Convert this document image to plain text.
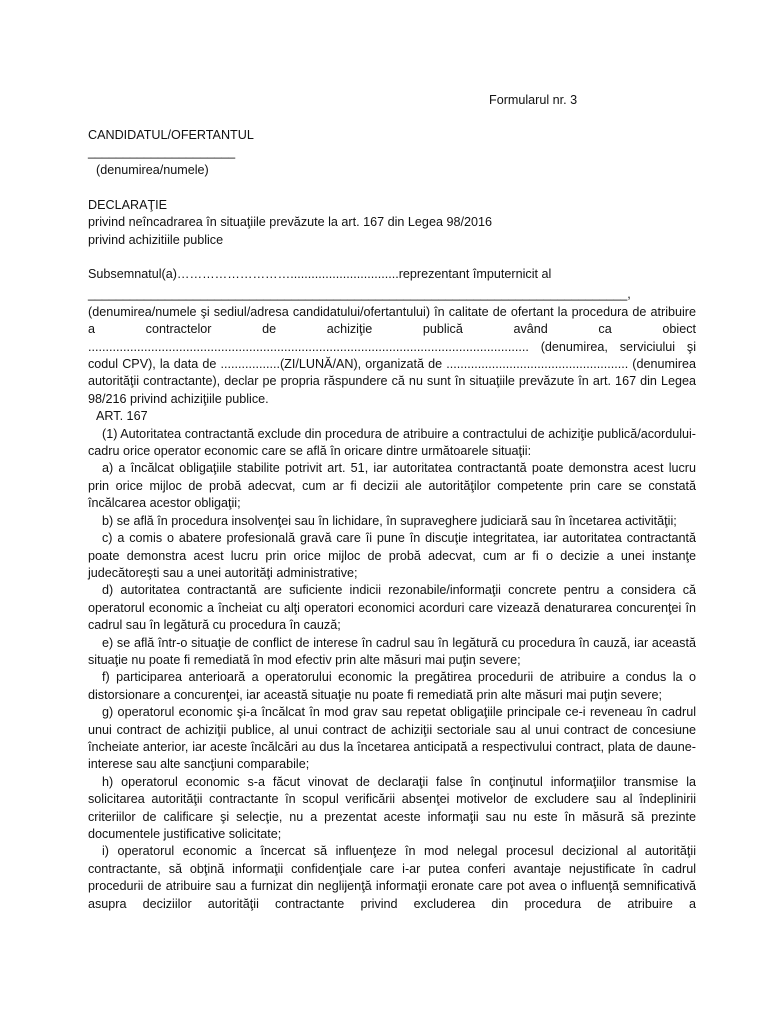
Formularul nr. 3
CANDIDATUL/OFERTANTUL
_____________________
(denumirea/numele)
DECLARAŢIE
privind neîncadrarea în situaţiile prevăzute la art. 167 din Legea 98/2016
privind achizitiile publice

Subsemnatul(a)………………………...............................reprezentant împuternicit al

_____________________________________________________________________________,

(denumirea/numele şi sediul/adresa candidatului/ofertantului) în calitate de ofertant la procedura de atribuire a contractelor de achiziţie publică având ca obiect .............................................................................................................................. (denumirea, serviciului şi codul CPV), la data de .................(ZI/LUNĂ/AN), organizată de .................................................... (denumirea autorităţii contractante), declar pe propria răspundere că nu sunt în situaţiile prevăzute în art. 167 din Legea 98/216 privind achiziţiile publice.

ART. 167

(1) Autoritatea contractantă exclude din procedura de atribuire a contractului de achiziţie publică/acordului-cadru orice operator economic care se află în oricare dintre următoarele situaţii:

a) a încălcat obligaţiile stabilite potrivit art. 51, iar autoritatea contractantă poate demonstra acest lucru prin orice mijloc de probă adecvat, cum ar fi decizii ale autorităţilor competente prin care se constată încălcarea acestor obligaţii;

b) se află în procedura insolvenţei sau în lichidare, în supraveghere judiciară sau în încetarea activităţii;

c) a comis o abatere profesională gravă care îi pune în discuţie integritatea, iar autoritatea contractantă poate demonstra acest lucru prin orice mijloc de probă adecvat, cum ar fi o decizie a unei instanţe judecătoreşti sau a unei autorităţi administrative;

d) autoritatea contractantă are suficiente indicii rezonabile/informaţii concrete pentru a considera că operatorul economic a încheiat cu alţi operatori economici acorduri care vizează denaturarea concurenţei în cadrul sau în legătură cu procedura în cauză;

e) se află într-o situaţie de conflict de interese în cadrul sau în legătură cu procedura în cauză, iar această situaţie nu poate fi remediată în mod efectiv prin alte măsuri mai puţin severe;

f) participarea anterioară a operatorului economic la pregătirea procedurii de atribuire a condus la o distorsionare a concurenţei, iar această situaţie nu poate fi remediată prin alte măsuri mai puţin severe;

g) operatorul economic şi-a încălcat în mod grav sau repetat obligaţiile principale ce-i reveneau în cadrul unui contract de achiziţii publice, al unui contract de achiziţii sectoriale sau al unui contract de concesiune încheiate anterior, iar aceste încălcări au dus la încetarea anticipată a respectivului contract, plata de daune-interese sau alte sancţiuni comparabile;

h) operatorul economic s-a făcut vinovat de declaraţii false în conţinutul informaţiilor transmise la solicitarea autorităţii contractante în scopul verificării absenţei motivelor de excludere sau al îndeplinirii criteriilor de calificare şi selecţie, nu a prezentat aceste informaţii sau nu este în măsură să prezinte documentele justificative solicitate;

i) operatorul economic a încercat să influenţeze în mod nelegal procesul decizional al autorităţii contractante, să obţină informaţii confidenţiale care i-ar putea conferi avantaje nejustificate în cadrul procedurii de atribuire sau a furnizat din neglijenţă informaţii eronate care pot avea o influenţă semnificativă asupra deciziilor autorităţii contractante privind excluderea din procedura de atribuire a
